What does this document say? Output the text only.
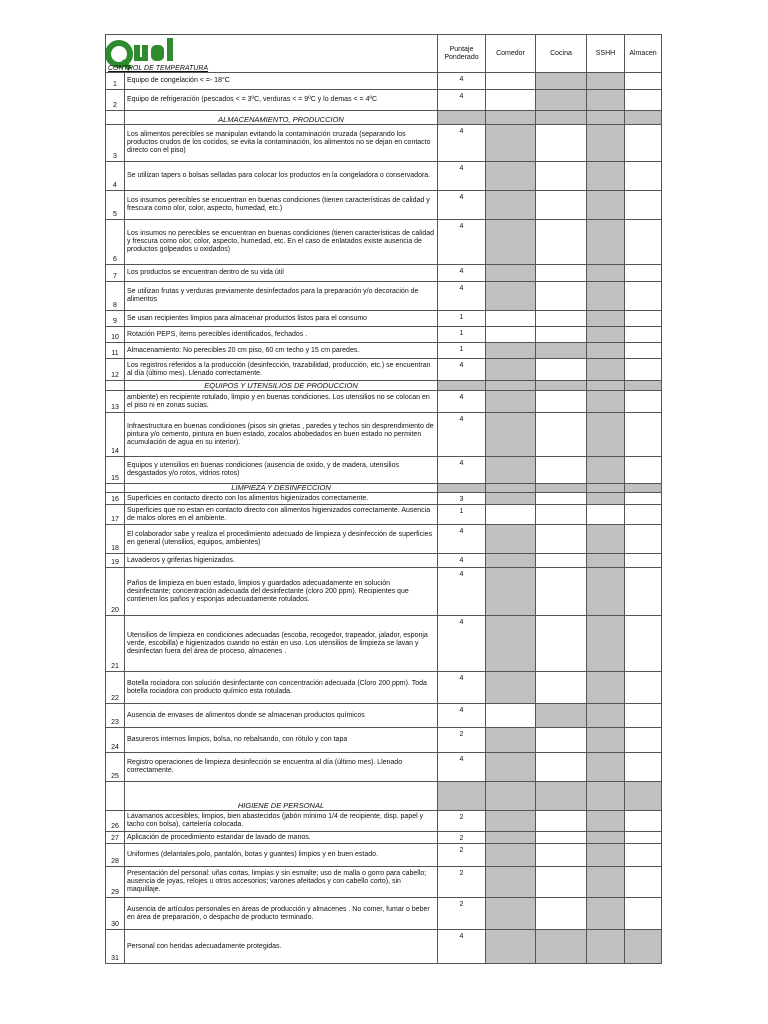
CONTROL DE TEMPERATURA		Puntaje Ponderado	Comedor	Cocina	SSHH	Almacen
1	Equipo de congelación < =- 18°C	4				
2	Equipo de refrigeración (pescados < = 3ºC, verduras < = 9ºC y lo demas < = 4ºC	4				
	ALMACENAMIENTO, PRODUCCION					
3	Los alimentos perecibles se manipulan evitando la contaminación cruzada (separando los productos crudos de los cocidos, se evita la contaminación, los alimentos no se dejan en contacto directo con el piso)	4				
4	Se utilizan tapers o bolsas selladas para colocar los productos en la congeladora o conservadora.	4				
5	Los insumos perecibles se encuentran en buenas condiciones (tienen características de calidad y frescura como olor, color, aspecto, humedad, etc.)	4				
6	Los insumos no perecibles se encuentran en buenas condiciones (tienen características de calidad y frescura como olor, color, aspecto, humedad, etc. En el caso de enlatados existe ausencia de productos golpeados u oxidados)	4				
7	Los productos se encuentran dentro de su vida útil	4				
8	Se utilizan frutas y verduras previamente desinfectados para la preparación y/o decoración de alimentos	4				
9	Se usan recipientes limpios para almacenar productos listos para el consumo	1				
10	Rotación PEPS, ítems perecibles identificados, fechados .	1				
11	Almacenamiento: No perecibles 20 cm piso, 60 cm techo y 15 cm paredes.	1				
12	Los registros referidos a la producción (desinfección, trazabilidad, producción, etc.) se encuentran al día (último mes). Llenado correctamente.	4				
	EQUIPOS Y UTENSILIOS DE PRODUCCION					
13	ambiente) en recipiente rotulado, limpio y en buenas condiciones. Los utensilios no se colocan en el piso ni en zonas sucias.	4				
14	Infraestructura en buenas condiciones (pisos sin grietas , paredes y techos sin desprendimiento de pintura y/o cemento, pintura en buen estado, zocalos abobedados en buen estado no permiten acumulación de agua en su interior).	4				
15	Equipos y utensilios en buenas condiciones (ausencia de oxido, y de madera, utensilios desgastados y/o rotos, vidrios rotos)	4				
	LIMPIEZA Y DESINFECCION					
16	Superficies en contacto directo con los alimentos higienizados correctamente.	3				
17	Superficies que no estan en contacto directo con alimentos higienizados correctamente. Ausencia de malos olores en el ambiente.	1				
18	El colaborador sabe y realiza el procedimiento adecuado de limpieza y desinfección de superficies en general (utensilios, equipos, ambientes)	4				
19	Lavaderos y griferias higienizados.	4				
20	Paños de limpieza en buen estado, limpios y guardados adecuadamente en solución desinfectante; concentración adecuada del desinfectante (cloro 200 ppm). Recipientes que contienen los paños y esponjas adecuadamente rotulados.	4				
21	Utensilios de limpieza en condiciones adecuadas (escoba, recogedor, trapeador, jalador, esponja verde, escobilla) e higienizados cuando no están en uso. Los utensilios de limpieza se lavan y desinfectan fuera del área de proceso, almacenes .	4				
22	Botella rociadora con solución desinfectante con concentración adecuada (Cloro 200 ppm). Toda botella rociadora con producto químico esta rotulada.	4				
23	Ausencia de envases de alimentos donde se almacenan productos químicos	4				
24	Basureros internos limpios, bolsa, no rebalsando, con rótulo y con tapa	2				
25	Registro operaciones de limpieza desinfección se encuentra al día (último mes). Llenado correctamente.	4				
	HIGIENE DE PERSONAL					
26	Lavamanos accesibles, limpios, bien abastecidos (jabón mínimo 1/4 de recipiente, disp. papel y tacho con bolsa), cartelería colocada.	2				
27	Aplicación de procedimiento estandar de lavado de manos.	2				
28	Uniformes (delantales,polo, pantalón, botas y guantes) limpios y en buen estado.	2				
29	Presentación del personal: uñas cortas, limpias y sin esmalte; uso de malla o gorro para cabello; ausencia de joyas, relojes u otros accesorios; varones afeitados y con cabello corto), sin maquillaje.	2				
30	Ausencia de artículos personales en áreas de producción y almacenes . No comer, fumar o beber en área de preparación, o despacho de producto terminado.	2				
31	Personal con heridas adecuadamente protegidas.	4				
